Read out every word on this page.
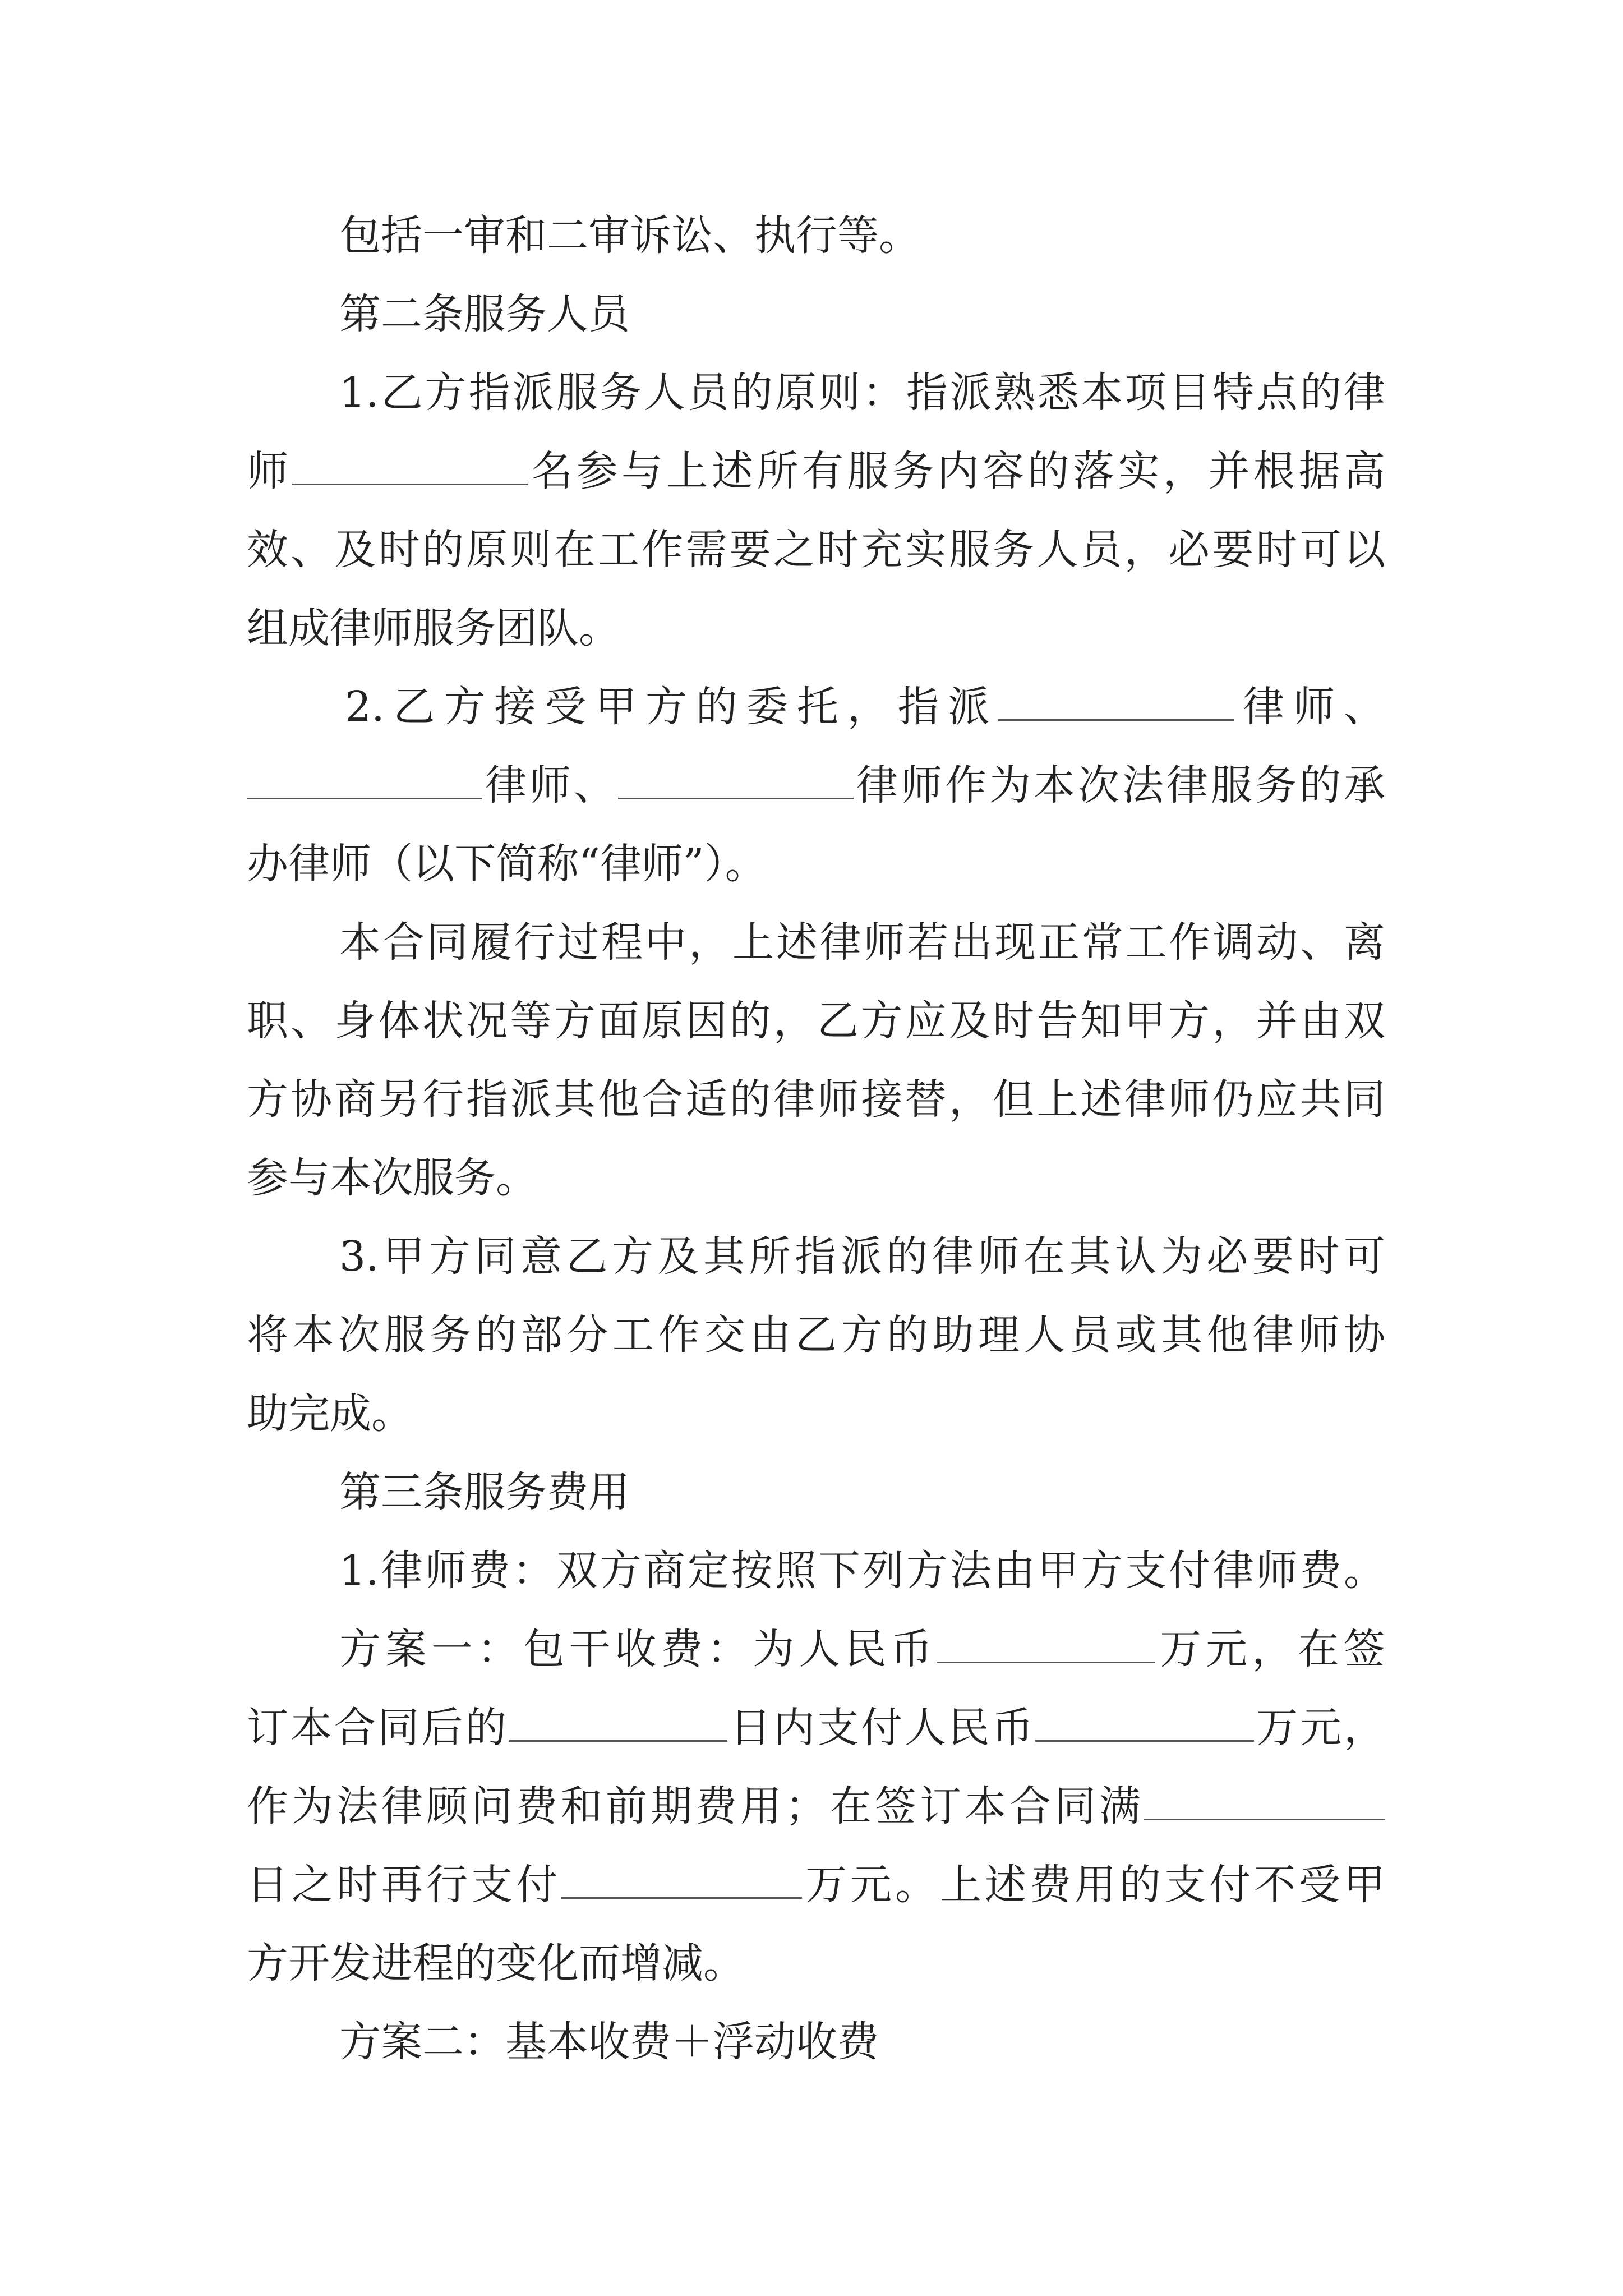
包括一审和二审诉讼、执行等。
第二条服务人员
1.乙方指派服务人员的原则：指派熟悉本项目特点的律
师	名参与上述所有服务内容的落实，并根据高
效、及时的原则在工作需要之时充实服务人员，必要时可以
组成律师服务团队。
2.乙方接受甲方的委托，指派	律师、
律师、	律师作为本次法律服务的承
办律师（以下简称“律师”）。
本合同履行过程中，上述律师若出现正常工作调动、离
职、身体状况等方面原因的，乙方应及时告知甲方，并由双
方协商另行指派其他合适的律师接替，但上述律师仍应共同
参与本次服务。
3.甲方同意乙方及其所指派的律师在其认为必要时可
将本次服务的部分工作交由乙方的助理人员或其他律师协
助完成。
第三条服务费用
1.律师费：双方商定按照下列方法由甲方支付律师费。
方案一：包干收费：为人民币	万元，在签
订本合同后的	日内支付人民币	万元，
作为法律顾问费和前期费用；在签订本合同满
日之时再行支付	万元。上述费用的支付不受甲
方开发进程的变化而增减。
方案二：基本收费＋浮动收费
